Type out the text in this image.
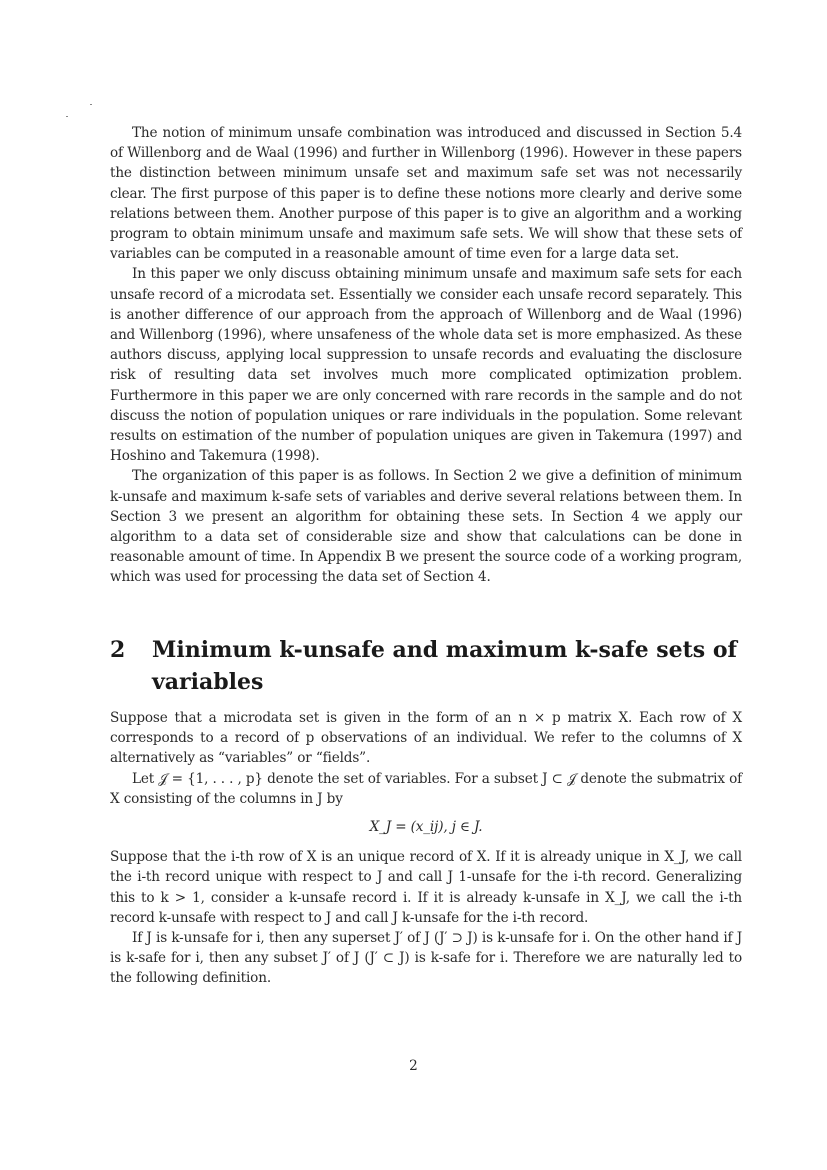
The notion of minimum unsafe combination was introduced and discussed in Section 5.4 of Willenborg and de Waal (1996) and further in Willenborg (1996). However in these papers the distinction between minimum unsafe set and maximum safe set was not necessarily clear. The first purpose of this paper is to define these notions more clearly and derive some relations between them. Another purpose of this paper is to give an algorithm and a working program to obtain minimum unsafe and maximum safe sets. We will show that these sets of variables can be computed in a reasonable amount of time even for a large data set.

In this paper we only discuss obtaining minimum unsafe and maximum safe sets for each unsafe record of a microdata set. Essentially we consider each unsafe record separately. This is another difference of our approach from the approach of Willenborg and de Waal (1996) and Willenborg (1996), where unsafeness of the whole data set is more emphasized. As these authors discuss, applying local suppression to unsafe records and evaluating the disclosure risk of resulting data set involves much more complicated optimization problem. Furthermore in this paper we are only concerned with rare records in the sample and do not discuss the notion of population uniques or rare individuals in the population. Some relevant results on estimation of the number of population uniques are given in Takemura (1997) and Hoshino and Takemura (1998).

The organization of this paper is as follows. In Section 2 we give a definition of minimum k-unsafe and maximum k-safe sets of variables and derive several relations between them. In Section 3 we present an algorithm for obtaining these sets. In Section 4 we apply our algorithm to a data set of considerable size and show that calculations can be done in reasonable amount of time. In Appendix B we present the source code of a working program, which was used for processing the data set of Section 4.

2 Minimum k-unsafe and maximum k-safe sets of variables

Suppose that a microdata set is given in the form of an n × p matrix X. Each row of X corresponds to a record of p observations of an individual. We refer to the columns of X alternatively as “variables” or “fields”.

Let 𝒥 = {1, . . . , p} denote the set of variables. For a subset J ⊂ 𝒥 denote the submatrix of X consisting of the columns in J by

X_J = (x_ij), j ∈ J.

Suppose that the i-th row of X is an unique record of X. If it is already unique in X_J, we call the i-th record unique with respect to J and call J 1-unsafe for the i-th record. Generalizing this to k > 1, consider a k-unsafe record i. If it is already k-unsafe in X_J, we call the i-th record k-unsafe with respect to J and call J k-unsafe for the i-th record.

If J is k-unsafe for i, then any superset J′ of J (J′ ⊃ J) is k-unsafe for i. On the other hand if J is k-safe for i, then any subset J′ of J (J′ ⊂ J) is k-safe for i. Therefore we are naturally led to the following definition.

2
